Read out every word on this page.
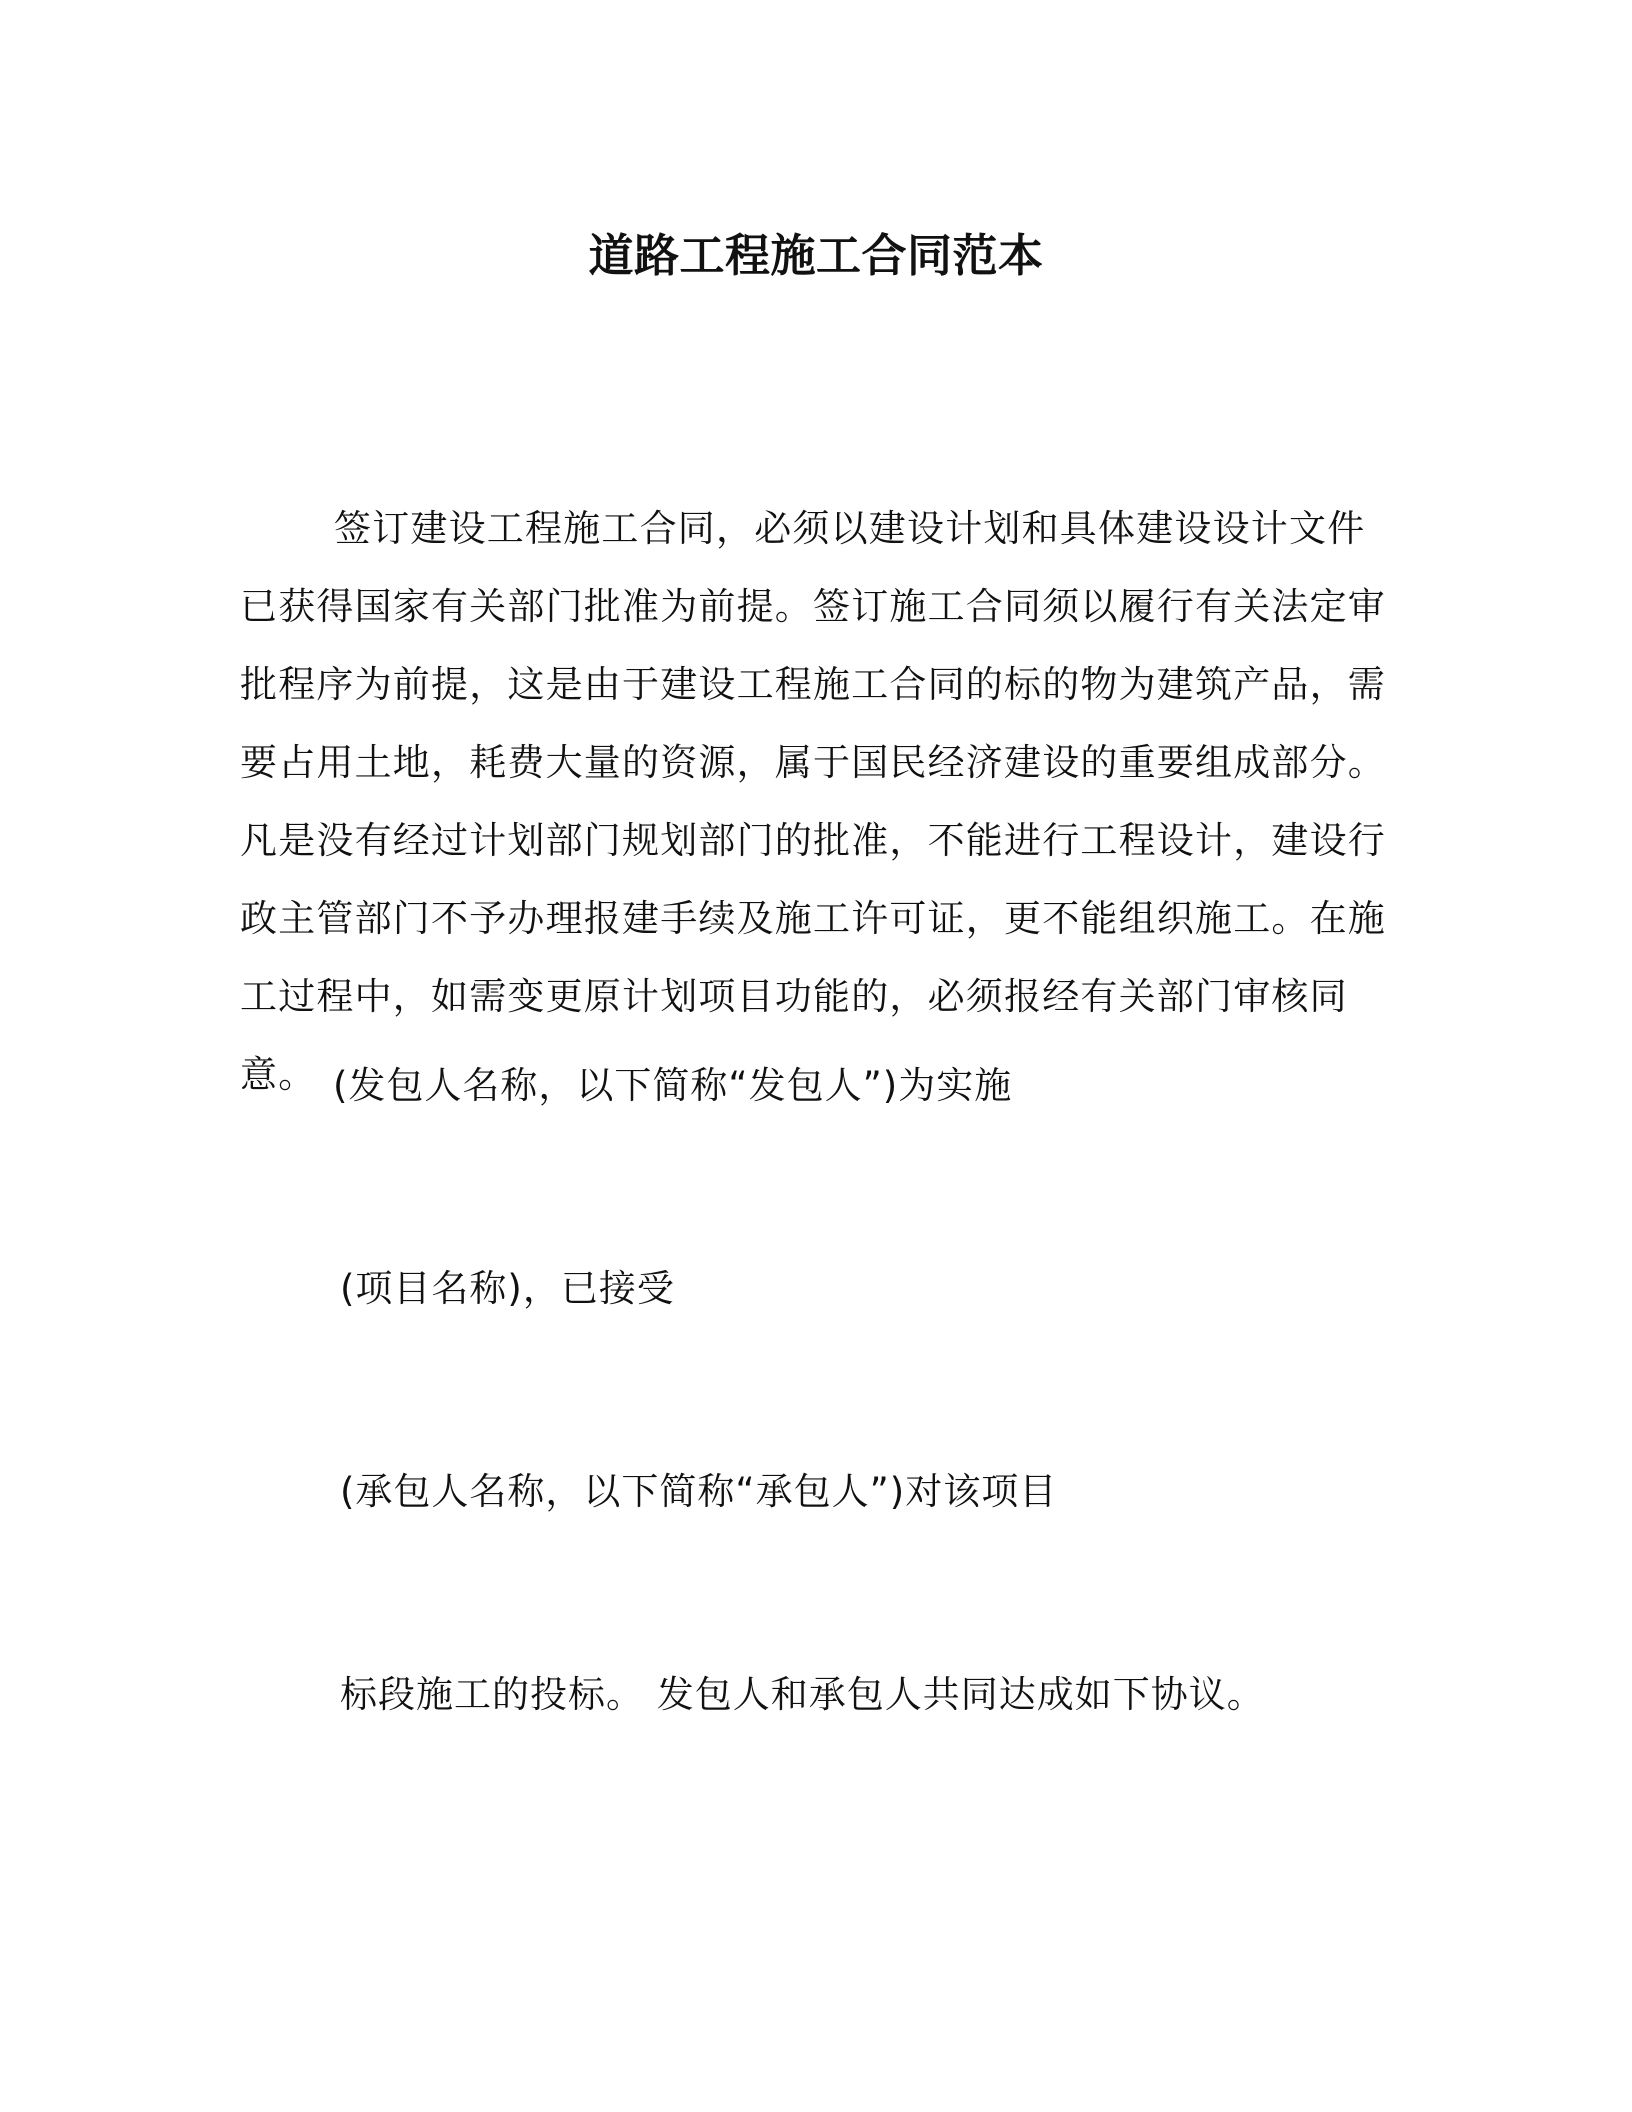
道路工程施工合同范本

签订建设工程施工合同，必须以建设计划和具体建设设计文件已获得国家有关部门批准为前提。签订施工合同须以履行有关法定审批程序为前提，这是由于建设工程施工合同的标的物为建筑产品，需要占用土地，耗费大量的资源，属于国民经济建设的重要组成部分。凡是没有经过计划部门规划部门的批准，不能进行工程设计，建设行政主管部门不予办理报建手续及施工许可证，更不能组织施工。在施工过程中，如需变更原计划项目功能的，必须报经有关部门审核同意。 (发包人名称，以下简称“发包人”)为实施

(项目名称)，已接受

(承包人名称，以下简称“承包人”)对该项目

标段施工的投标。 发包人和承包人共同达成如下协议。
